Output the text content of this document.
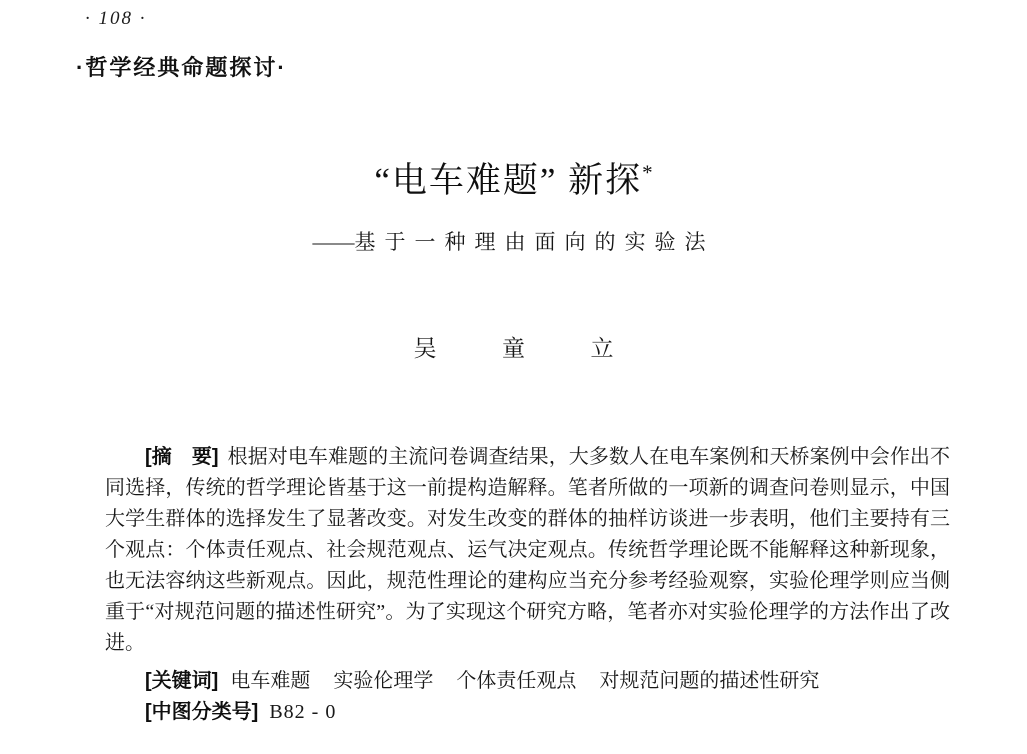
· 108 ·
·哲学经典命题探讨·
“电车难题” 新探*
——基于一种理由面向的实验法
吴 童 立

[摘　要] 根据对电车难题的主流问卷调查结果，大多数人在电车案例和天桥案例中会作出不同选择，传统的哲学理论皆基于这一前提构造解释。笔者所做的一项新的调查问卷则显示，中国大学生群体的选择发生了显著改变。对发生改变的群体的抽样访谈进一步表明，他们主要持有三个观点：个体责任观点、社会规范观点、运气决定观点。传统哲学理论既不能解释这种新现象，也无法容纳这些新观点。因此，规范性理论的建构应当充分参考经验观察，实验伦理学则应当侧重于“对规范问题的描述性研究”。为了实现这个研究方略，笔者亦对实验伦理学的方法作出了改进。

[关键词] 电车难题 实验伦理学 个体责任观点 对规范问题的描述性研究

[中图分类号] B82 - 0
